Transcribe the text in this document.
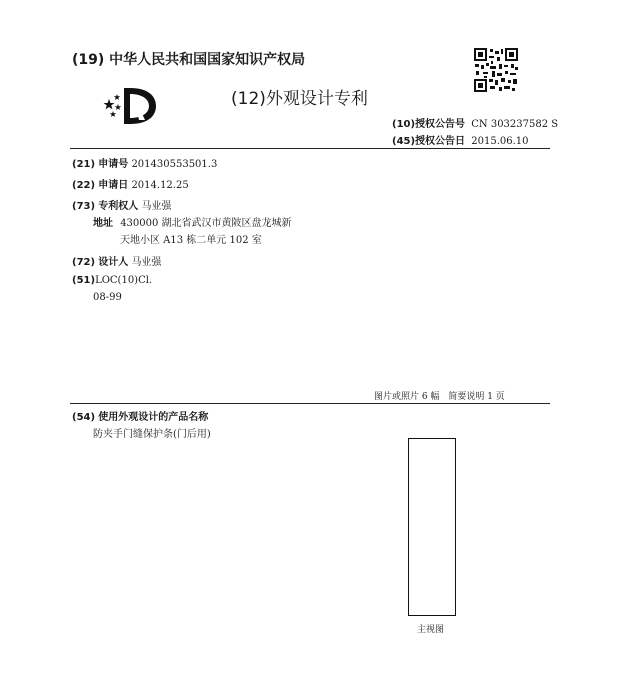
(19) 中华人民共和国国家知识产权局
(12)外观设计专利
(10)授权公告号 CN 303237582 S
(45)授权公告日 2015.06.10
(21) 申请号 201430553501.3
(22) 申请日 2014.12.25
(73) 专利权人 马业强
地址 430000 湖北省武汉市黄陂区盘龙城新
天地小区 A13 栋二单元 102 室
(72) 设计人 马业强
(51)LOC(10)Cl.
08-99
图片或照片 6 幅 简要说明 1 页
(54) 使用外观设计的产品名称
防夹手门缝保护条(门后用)
主视图
